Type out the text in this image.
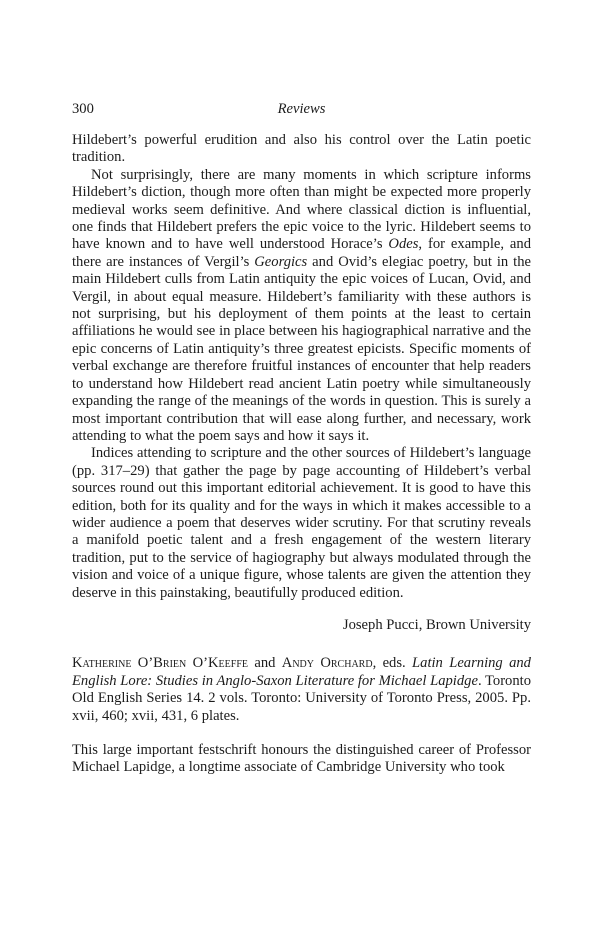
300	Reviews

Hildebert’s powerful erudition and also his control over the Latin poetic tradition.

Not surprisingly, there are many moments in which scripture informs Hildebert’s diction, though more often than might be expected more properly medieval works seem definitive. And where classical diction is influential, one finds that Hildebert prefers the epic voice to the lyric. Hildebert seems to have known and to have well understood Horace’s Odes, for example, and there are instances of Vergil’s Georgics and Ovid’s elegiac poetry, but in the main Hildebert culls from Latin antiquity the epic voices of Lucan, Ovid, and Vergil, in about equal measure. Hildebert’s familiarity with these authors is not surprising, but his deployment of them points at the least to certain affiliations he would see in place between his hagiographical narrative and the epic concerns of Latin antiquity’s three greatest epicists. Specific moments of verbal exchange are therefore fruitful instances of encounter that help readers to understand how Hildebert read ancient Latin poetry while simultaneously expanding the range of the meanings of the words in question. This is surely a most important contribution that will ease along further, and necessary, work attending to what the poem says and how it says it.

Indices attending to scripture and the other sources of Hildebert’s language (pp. 317–29) that gather the page by page accounting of Hildebert’s verbal sources round out this important editorial achievement. It is good to have this edition, both for its quality and for the ways in which it makes accessible to a wider audience a poem that deserves wider scrutiny. For that scrutiny reveals a manifold poetic talent and a fresh engagement of the western literary tradition, put to the service of hagiography but always modulated through the vision and voice of a unique figure, whose talents are given the attention they deserve in this painstaking, beautifully produced edition.

Joseph Pucci, Brown University

Katherine O’Brien O’Keeffe and Andy Orchard, eds. Latin Learning and English Lore: Studies in Anglo-Saxon Literature for Michael Lapidge. Toronto Old English Series 14. 2 vols. Toronto: University of Toronto Press, 2005. Pp. xvii, 460; xvii, 431, 6 plates.

This large important festschrift honours the distinguished career of Professor Michael Lapidge, a longtime associate of Cambridge University who took
